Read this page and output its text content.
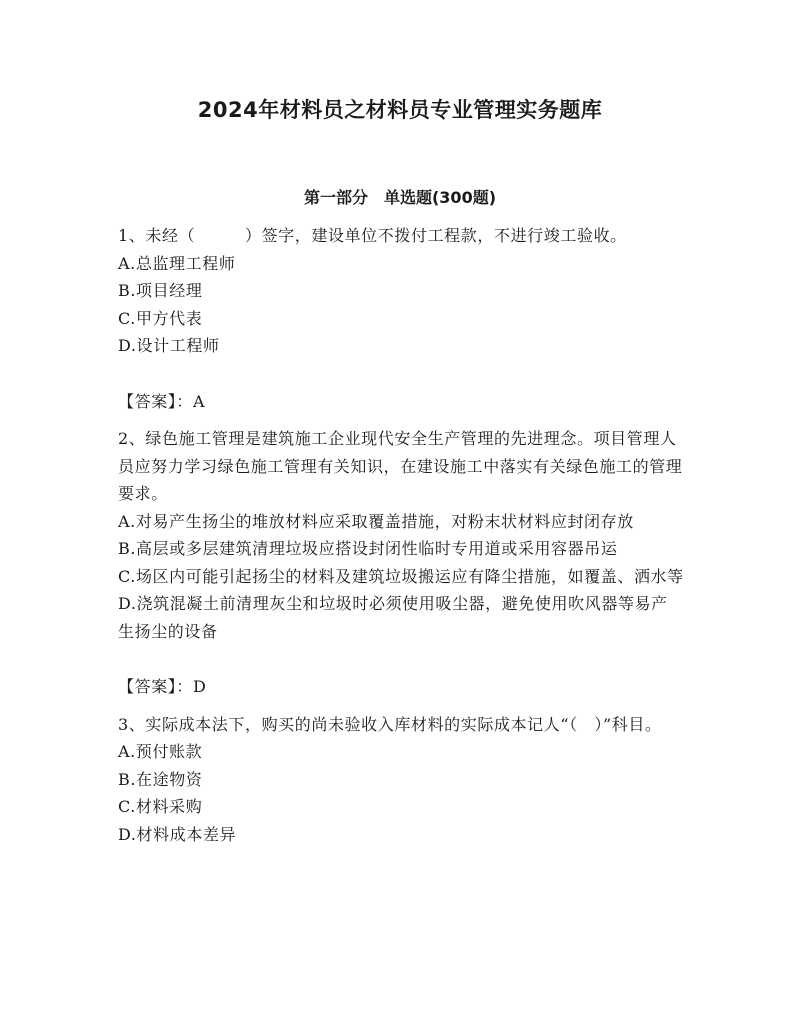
2024年材料员之材料员专业管理实务题库
第一部分　单选题(300题)

1、未经（　　　）签字，建设单位不拨付工程款，不进行竣工验收。

A.总监理工程师

B.项目经理

C.甲方代表

D.设计工程师

【答案】：A

2、绿色施工管理是建筑施工企业现代安全生产管理的先进理念。项目管理人员应努力学习绿色施工管理有关知识，在建设施工中落实有关绿色施工的管理要求。

A.对易产生扬尘的堆放材料应采取覆盖措施，对粉末状材料应封闭存放

B.高层或多层建筑清理垃圾应搭设封闭性临时专用道或采用容器吊运

C.场区内可能引起扬尘的材料及建筑垃圾搬运应有降尘措施，如覆盖、洒水等

D.浇筑混凝土前清理灰尘和垃圾时必须使用吸尘器，避免使用吹风器等易产生扬尘的设备

【答案】：D

3、实际成本法下，购买的尚未验收入库材料的实际成本记人“（　）”科目。

A.预付账款

B.在途物资

C.材料采购

D.材料成本差异
